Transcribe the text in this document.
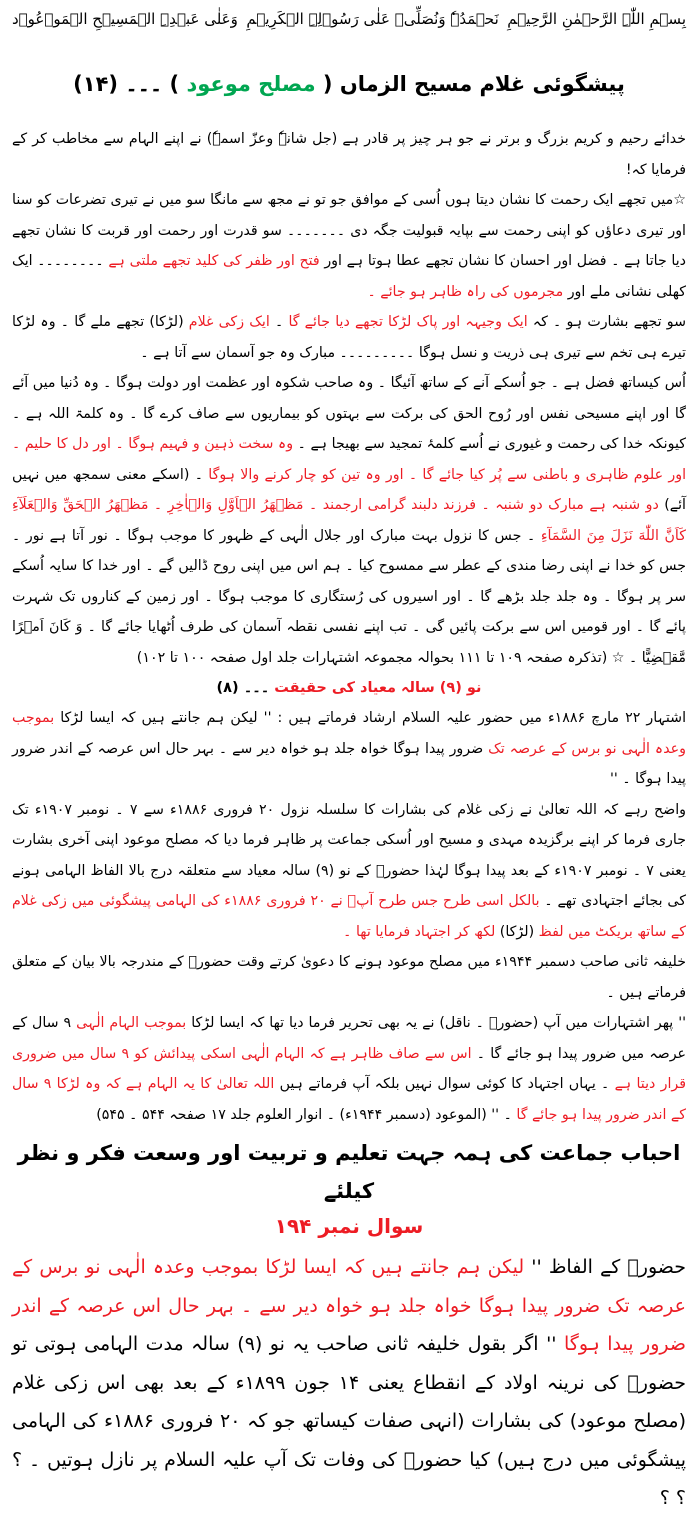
بِسۡمِ اللّٰہِ الرَّحۡمٰنِ الرَّحِیۡمِ
نَحۡمَدُہٗ وَنُصَلِّیۡ عَلٰی رَسُوۡلِہِ الۡکَرِیۡمِ
وَعَلٰی عَبۡدِہِ الۡمَسِیۡحِ الۡمَوۡعُوۡد
پیشگوئی غلام مسیح الزماں ( مصلح موعود ) ۔۔۔ (۱۴)

خدائے رحیم و کریم بزرگ و برتر نے جو ہر چیز پر قادر ہے (جل شانہٗ وعزّ اسمہٗ) نے اپنے الہام سے مخاطب کر کے فرمایا کہ!

☆میں تجھے ایک رحمت کا نشان دیتا ہوں اُسی کے موافق جو تو نے مجھ سے مانگا سو میں نے تیری تضرعات کو سنا اور تیری دعاؤں کو اپنی رحمت سے بپایہ قبولیت جگہ دی ۔۔۔۔۔۔۔ سو قدرت اور رحمت اور قربت کا نشان تجھے دیا جاتا ہے ۔ فضل اور احسان کا نشان تجھے عطا ہوتا ہے اور فتح اور ظفر کی کلید تجھے ملتی ہے ۔۔۔۔۔۔۔۔ ایک کھلی نشانی ملے اور مجرموں کی راہ ظاہر ہو جائے ۔

سو تجھے بشارت ہو ۔ کہ ایک وجیہہ اور پاک لڑکا تجھے دیا جائے گا ۔ ایک زکی غلام (لڑکا) تجھے ملے گا ۔ وہ لڑکا تیرے ہی تخم سے تیری ہی ذریت و نسل ہوگا ۔۔۔۔۔۔۔۔۔ مبارک وہ جو آسمان سے آتا ہے ۔

اُس کیساتھ فضل ہے ۔ جو اُسکے آنے کے ساتھ آئیگا ۔ وہ صاحب شکوہ اور عظمت اور دولت ہوگا ۔ وہ دُنیا میں آئے گا اور اپنے مسیحی نفس اور رُوح الحق کی برکت سے بہتوں کو بیماریوں سے صاف کرے گا ۔ وہ کلمۃ اللہ ہے ۔ کیونکہ خدا کی رحمت و غیوری نے اُسے کلمۂ تمجید سے بھیجا ہے ۔ وہ سخت ذہین و فہیم ہوگا ۔ اور دل کا حلیم ۔ اور علوم ظاہری و باطنی سے پُر کیا جائے گا ۔ اور وہ تین کو چار کرنے والا ہوگا ۔ (اسکے معنی سمجھ میں نہیں آئے) دو شنبہ ہے مبارک دو شنبہ ۔ فرزند دلبند گرامی ارجمند ۔ مَظۡهَرُ الۡاَوَّلِ وَالۡاٰخِرِ ۔ مَظۡهَرُ الۡحَقِّ وَالۡعَلَآءِ کَاَنَّ اللّٰهَ نَزَلَ مِنَ السَّمَآءِ ۔ جس کا نزول بہت مبارک اور جلال الٰہی کے ظہور کا موجب ہوگا ۔ نور آتا ہے نور ۔ جس کو خدا نے اپنی رضا مندی کے عطر سے ممسوح کیا ۔ ہم اس میں اپنی روح ڈالیں گے ۔ اور خدا کا سایہ اُسکے سر پر ہوگا ۔ وہ جلد جلد بڑھے گا ۔ اور اسیروں کی رُستگاری کا موجب ہوگا ۔ اور زمین کے کناروں تک شہرت پائے گا ۔ اور قومیں اس سے برکت پائیں گی ۔ تب اپنے نفسی نقطہ آسمان کی طرف اُٹھایا جائے گا ۔ وَ كَانَ اَمۡرًا مَّقۡضِيًّا ۔ ☆ (تذکرہ صفحہ ۱۰۹ تا ۱۱۱ بحوالہ مجموعہ اشتہارات جلد اول صفحہ ۱۰۰ تا ۱۰۲)

نو (۹) سالہ معیاد کی حقیقت ۔۔۔ (۸)

اشتہار ۲۲ مارچ ۱۸۸۶ء میں حضور علیہ السلام ارشاد فرماتے ہیں : '' لیکن ہم جانتے ہیں کہ ایسا لڑکا بموجب وعدہ الٰہی نو برس کے عرصہ تک ضرور پیدا ہوگا خواہ جلد ہو خواہ دیر سے ۔ بہر حال اس عرصہ کے اندر ضرور پیدا ہوگا ۔ ''

واضح رہے کہ اللہ تعالیٰ نے زکی غلام کی بشارات کا سلسلہ نزول ۲۰ فروری ۱۸۸۶ء سے ۷ ۔ نومبر ۱۹۰۷ء تک جاری فرما کر اپنے برگزیدہ مہدی و مسیح اور اُسکی جماعت پر ظاہر فرما دیا کہ مصلح موعود اپنی آخری بشارت یعنی ۷ ۔ نومبر ۱۹۰۷ء کے بعد پیدا ہوگا لہٰذا حضورؑ کے نو (۹) سالہ معیاد سے متعلقہ درج بالا الفاظ الہامی ہونے کی بجائے اجتہادی تھے ۔ بالکل اسی طرح جس طرح آپؑ نے ۲۰ فروری ۱۸۸۶ء کی الہامی پیشگوئی میں زکی غلام کے ساتھ بریکٹ میں لفظ (لڑکا) لکھ کر اجتہاد فرمایا تھا ۔

خلیفہ ثانی صاحب دسمبر ۱۹۴۴ء میں مصلح موعود ہونے کا دعویٰ کرتے وقت حضورؑ کے مندرجہ بالا بیان کے متعلق فرماتے ہیں ۔

'' پھر اشتہارات میں آپ (حضورؑ ۔ ناقل) نے یہ بھی تحریر فرما دیا تھا کہ ایسا لڑکا بموجب الہام الٰہی ۹ سال کے عرصہ میں ضرور پیدا ہو جائے گا ۔ اس سے صاف ظاہر ہے کہ الہام الٰہی اسکی پیدائش کو ۹ سال میں ضروری قرار دیتا ہے ۔ یہاں اجتہاد کا کوئی سوال نہیں بلکہ آپ فرماتے ہیں اللہ تعالیٰ کا یہ الہام ہے کہ وہ لڑکا ۹ سال کے اندر ضرور پیدا ہو جائے گا ۔ '' (الموعود (دسمبر ۱۹۴۴ء) ۔ انوار العلوم جلد ۱۷ صفحہ ۵۴۴ ۔ ۵۴۵)

احباب جماعت کی ہمہ جہت تعلیم و تربیت اور وسعت فکر و نظر کیلئے
سوال نمبر ۱۹۴

حضورؑ کے الفاظ '' لیکن ہم جانتے ہیں کہ ایسا لڑکا بموجب وعدہ الٰہی نو برس کے عرصہ تک ضرور پیدا ہوگا خواہ جلد ہو خواہ دیر سے ۔ بہر حال اس عرصہ کے اندر ضرور پیدا ہوگا '' اگر بقول خلیفہ ثانی صاحب یہ نو (۹) سالہ مدت الہامی ہوتی تو حضورؑ کی نرینہ اولاد کے انقطاع یعنی ۱۴ جون ۱۸۹۹ء کے بعد بھی اس زکی غلام (مصلح موعود) کی بشارات (انہی صفات کیساتھ جو کہ ۲۰ فروری ۱۸۸۶ء کی الہامی پیشگوئی میں درج ہیں) کیا حضورؑ کی وفات تک آپ علیہ السلام پر نازل ہوتیں ۔ ؟ ؟ ؟
